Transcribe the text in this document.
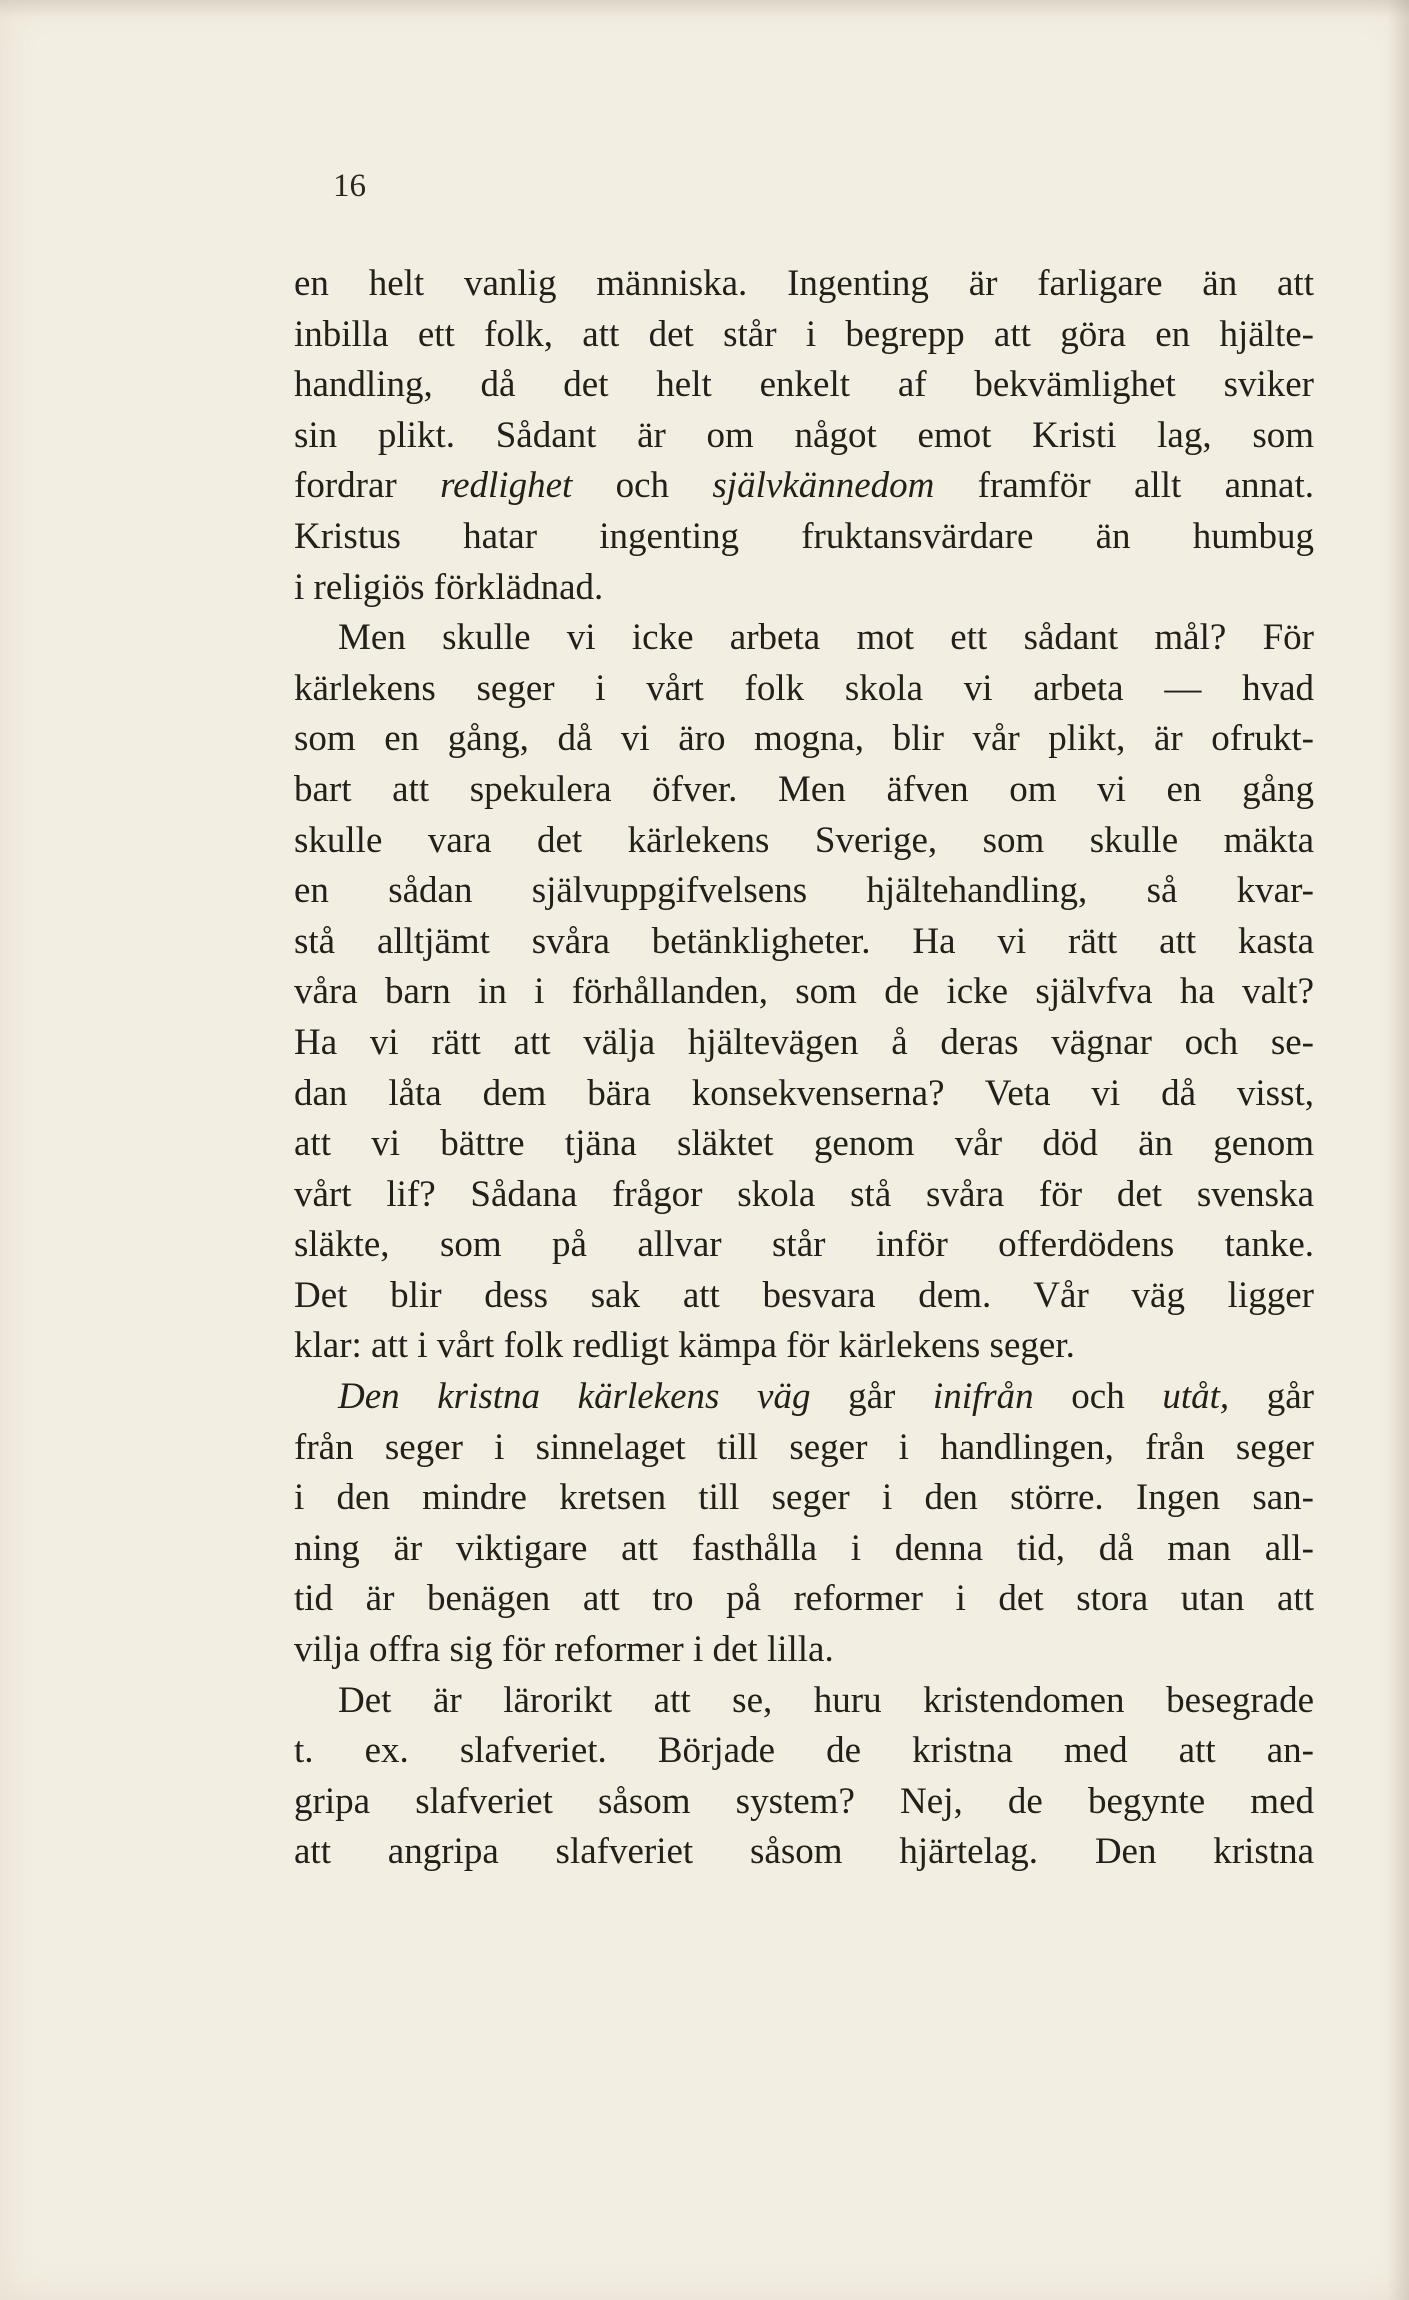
16

en helt vanlig människa. Ingenting är farligare än att
inbilla ett folk, att det står i begrepp att göra en hjälte-
handling, då det helt enkelt af bekvämlighet sviker
sin plikt. Sådant är om något emot Kristi lag, som
fordrar redlighet och självkännedom framför allt annat.
Kristus hatar ingenting fruktansvärdare än humbug
i religiös förklädnad.
Men skulle vi icke arbeta mot ett sådant mål? För
kärlekens seger i vårt folk skola vi arbeta — hvad
som en gång, då vi äro mogna, blir vår plikt, är ofrukt-
bart att spekulera öfver. Men äfven om vi en gång
skulle vara det kärlekens Sverige, som skulle mäkta
en sådan självuppgifvelsens hjältehandling, så kvar-
stå alltjämt svåra betänkligheter. Ha vi rätt att kasta
våra barn in i förhållanden, som de icke självfva ha valt?
Ha vi rätt att välja hjältevägen å deras vägnar och se-
dan låta dem bära konsekvenserna? Veta vi då visst,
att vi bättre tjäna släktet genom vår död än genom
vårt lif? Sådana frågor skola stå svåra för det svenska
släkte, som på allvar står inför offerdödens tanke.
Det blir dess sak att besvara dem. Vår väg ligger
klar: att i vårt folk redligt kämpa för kärlekens seger.
Den kristna kärlekens väg går inifrån och utåt, går
från seger i sinnelaget till seger i handlingen, från seger
i den mindre kretsen till seger i den större. Ingen san-
ning är viktigare att fasthålla i denna tid, då man all-
tid är benägen att tro på reformer i det stora utan att
vilja offra sig för reformer i det lilla.
Det är lärorikt att se, huru kristendomen besegrade
t. ex. slafveriet. Började de kristna med att an-
gripa slafveriet såsom system? Nej, de begynte med
att angripa slafveriet såsom hjärtelag. Den kristna
